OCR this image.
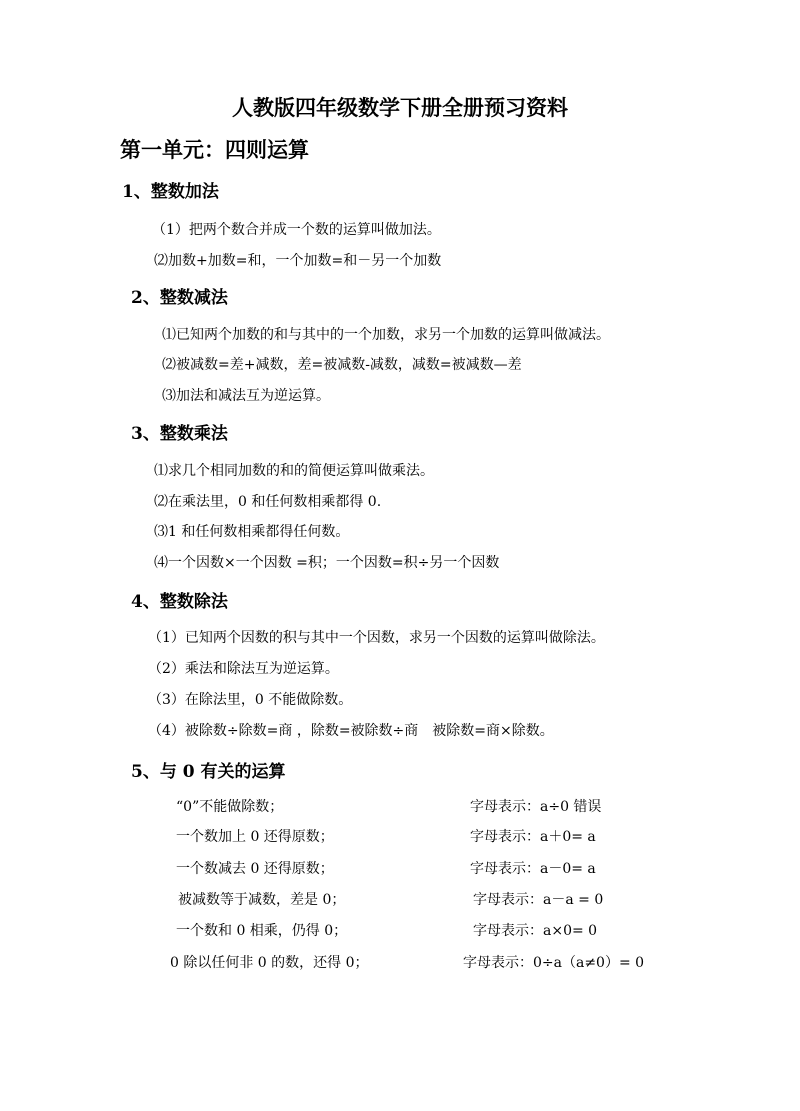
人教版四年级数学下册全册预习资料
第一单元：四则运算
1、整数加法
（1）把两个数合并成一个数的运算叫做加法。
⑵加数+加数=和，一个加数=和－另一个加数
2、整数减法
⑴已知两个加数的和与其中的一个加数，求另一个加数的运算叫做减法。
⑵被减数=差+减数，差=被减数-减数，减数=被减数—差
⑶加法和减法互为逆运算。
3、整数乘法
⑴求几个相同加数的和的简便运算叫做乘法。
⑵在乘法里，0 和任何数相乘都得 0.
⑶1 和任何数相乘都得任何数。
⑷一个因数×一个因数 =积；一个因数=积÷另一个因数
4、整数除法
（1）已知两个因数的积与其中一个因数，求另一个因数的运算叫做除法。
（2）乘法和除法互为逆运算。
（3）在除法里，0 不能做除数。
（4）被除数÷除数=商 ，除数=被除数÷商　被除数=商×除数。
5、与 0 有关的运算
“0”不能做除数；	字母表示：a÷0 错误
一个数加上 0 还得原数；	字母表示：a＋0= a
一个数减去 0 还得原数；	字母表示：a－0= a
被减数等于减数，差是 0；	字母表示：a－a = 0
一个数和 0 相乘，仍得 0；	字母表示：a×0= 0
0 除以任何非 0 的数，还得 0；	字母表示：0÷a（a≠0）= 0
